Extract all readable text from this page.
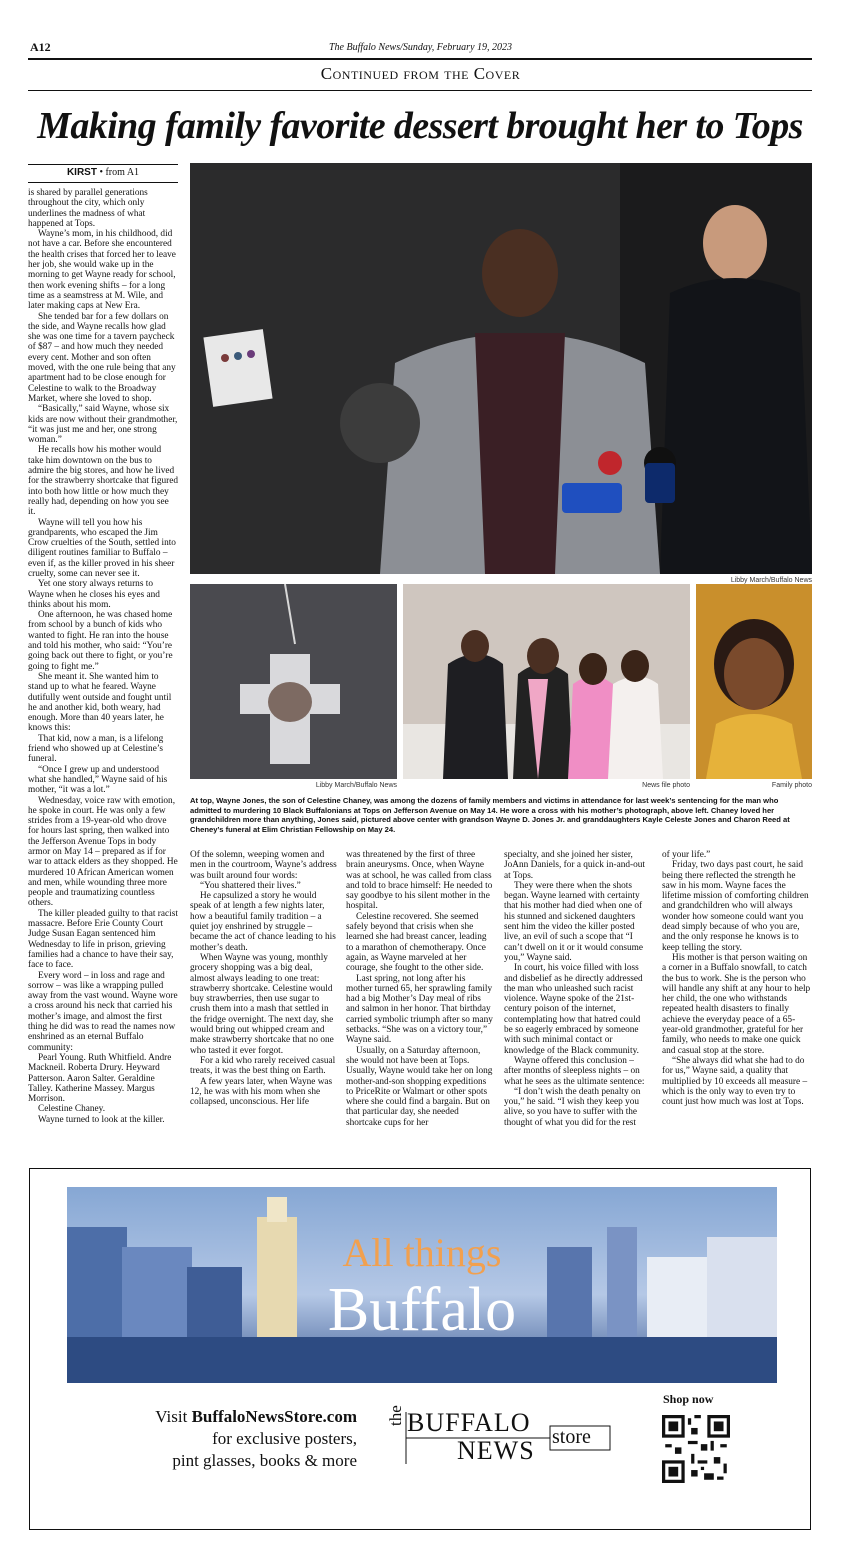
A12	The Buffalo News/Sunday, February 19, 2023
Continued from the Cover
Making family favorite dessert brought her to Tops
KIRST • from A1

is shared by parallel generations throughout the city, which only underlines the madness of what happened at Tops.

Wayne’s mom, in his childhood, did not have a car. Before she encountered the health crises that forced her to leave her job, she would wake up in the morning to get Wayne ready for school, then work evening shifts – for a long time as a seamstress at M. Wile, and later making caps at New Era.

She tended bar for a few dollars on the side, and Wayne recalls how glad she was one time for a tavern paycheck of $87 – and how much they needed every cent. Mother and son often moved, with the one rule being that any apartment had to be close enough for Celestine to walk to the Broadway Market, where she loved to shop.

“Basically,” said Wayne, whose six kids are now without their grandmother, “it was just me and her, one strong woman.”

He recalls how his mother would take him downtown on the bus to admire the big stores, and how he lived for the strawberry shortcake that figured into both how little or how much they really had, depending on how you see it.

Wayne will tell you how his grandparents, who escaped the Jim Crow cruelties of the South, settled into diligent routines familiar to Buffalo – even if, as the killer proved in his sheer cruelty, some can never see it.

Yet one story always returns to Wayne when he closes his eyes and thinks about his mom.

One afternoon, he was chased home from school by a bunch of kids who wanted to fight. He ran into the house and told his mother, who said: “You’re going back out there to fight, or you’re going to fight me.”

She meant it. She wanted him to stand up to what he feared. Wayne dutifully went outside and fought until he and another kid, both weary, had enough. More than 40 years later, he knows this:

That kid, now a man, is a lifelong friend who showed up at Celestine’s funeral.

“Once I grew up and understood what she handled,” Wayne said of his mother, “it was a lot.”

Wednesday, voice raw with emotion, he spoke in court. He was only a few strides from a 19-year-old who drove for hours last spring, then walked into the Jefferson Avenue Tops in body armor on May 14 – prepared as if for war to attack elders as they shopped. He murdered 10 African American women and men, while wounding three more people and traumatizing countless others.

The killer pleaded guilty to that racist massacre. Before Erie County Court Judge Susan Eagan sentenced him Wednesday to life in prison, grieving families had a chance to have their say, face to face.

Every word – in loss and rage and sorrow – was like a wrapping pulled away from the vast wound. Wayne wore a cross around his neck that carried his mother’s image, and almost the first thing he did was to read the names now enshrined as an eternal Buffalo community:

Pearl Young. Ruth Whitfield. Andre Mackneil. Roberta Drury. Heyward Patterson. Aaron Salter. Geraldine Talley. Katherine Massey. Margus Morrison.

Celestine Chaney.

Wayne turned to look at the killer.

Libby March/Buffalo News
Libby March/Buffalo News	News file photo	Family photo
At top, Wayne Jones, the son of Celestine Chaney, was among the dozens of family members and victims in attendance for last week’s sentencing for the man who admitted to murdering 10 Black Buffalonians at Tops on Jefferson Avenue on May 14. He wore a cross with his mother’s photograph, above left. Chaney loved her grandchildren more than anything, Jones said, pictured above center with grandson Wayne D. Jones Jr. and granddaughters Kayle Celeste Jones and Charon Reed at Cheney’s funeral at Elim Christian Fellowship on May 24.

Of the solemn, weeping women and men in the courtroom, Wayne’s address was built around four words:

“You shattered their lives.”

He capsulized a story he would speak of at length a few nights later, how a beautiful family tradition – a quiet joy enshrined by struggle – became the act of chance leading to his mother’s death.

When Wayne was young, monthly grocery shopping was a big deal, almost always leading to one treat: strawberry shortcake. Celestine would buy strawberries, then use sugar to crush them into a mash that settled in the fridge overnight. The next day, she would bring out whipped cream and make strawberry shortcake that no one who tasted it ever forgot.

For a kid who rarely received casual treats, it was the best thing on Earth.

A few years later, when Wayne was 12, he was with his mom when she collapsed, unconscious. Her life

was threatened by the first of three brain aneurysms. Once, when Wayne was at school, he was called from class and told to brace himself: He needed to say goodbye to his silent mother in the hospital.

Celestine recovered. She seemed safely beyond that crisis when she learned she had breast cancer, leading to a marathon of chemotherapy. Once again, as Wayne marveled at her courage, she fought to the other side.

Last spring, not long after his mother turned 65, her sprawling family had a big Mother’s Day meal of ribs and salmon in her honor. That birthday carried symbolic triumph after so many setbacks. “She was on a victory tour,” Wayne said.

Usually, on a Saturday afternoon, she would not have been at Tops. Usually, Wayne would take her on long mother-and-son shopping expeditions to PriceRite or Walmart or other spots where she could find a bargain. But on that particular day, she needed shortcake cups for her

specialty, and she joined her sister, JoAnn Daniels, for a quick in-and-out at Tops.

They were there when the shots began. Wayne learned with certainty that his mother had died when one of his stunned and sickened daughters sent him the video the killer posted live, an evil of such a scope that “I can’t dwell on it or it would consume you,” Wayne said.

In court, his voice filled with loss and disbelief as he directly addressed the man who unleashed such racist violence. Wayne spoke of the 21st-century poison of the internet, contemplating how that hatred could be so eagerly embraced by someone with such minimal contact or knowledge of the Black community.

Wayne offered this conclusion – after months of sleepless nights – on what he sees as the ultimate sentence:

“I don’t wish the death penalty on you,” he said. “I wish they keep you alive, so you have to suffer with the thought of what you did for the rest

of your life.”

Friday, two days past court, he said being there reflected the strength he saw in his mom. Wayne faces the lifetime mission of comforting children and grandchildren who will always wonder how someone could want you dead simply because of who you are, and the only response he knows is to keep telling the story.

His mother is that person waiting on a corner in a Buffalo snowfall, to catch the bus to work. She is the person who will handle any shift at any hour to help her child, the one who withstands repeated health disasters to finally achieve the everyday peace of a 65-year-old grandmother, grateful for her family, who needs to make one quick and casual stop at the store.

“She always did what she had to do for us,” Wayne said, a quality that multiplied by 10 exceeds all measure – which is the only way to even try to count just how much was lost at Tops.

All things
Buffalo
Visit BuffaloNewsStore.com
for exclusive posters,
pint glasses, books & more
the BUFFALO
NEWS store
Shop now
